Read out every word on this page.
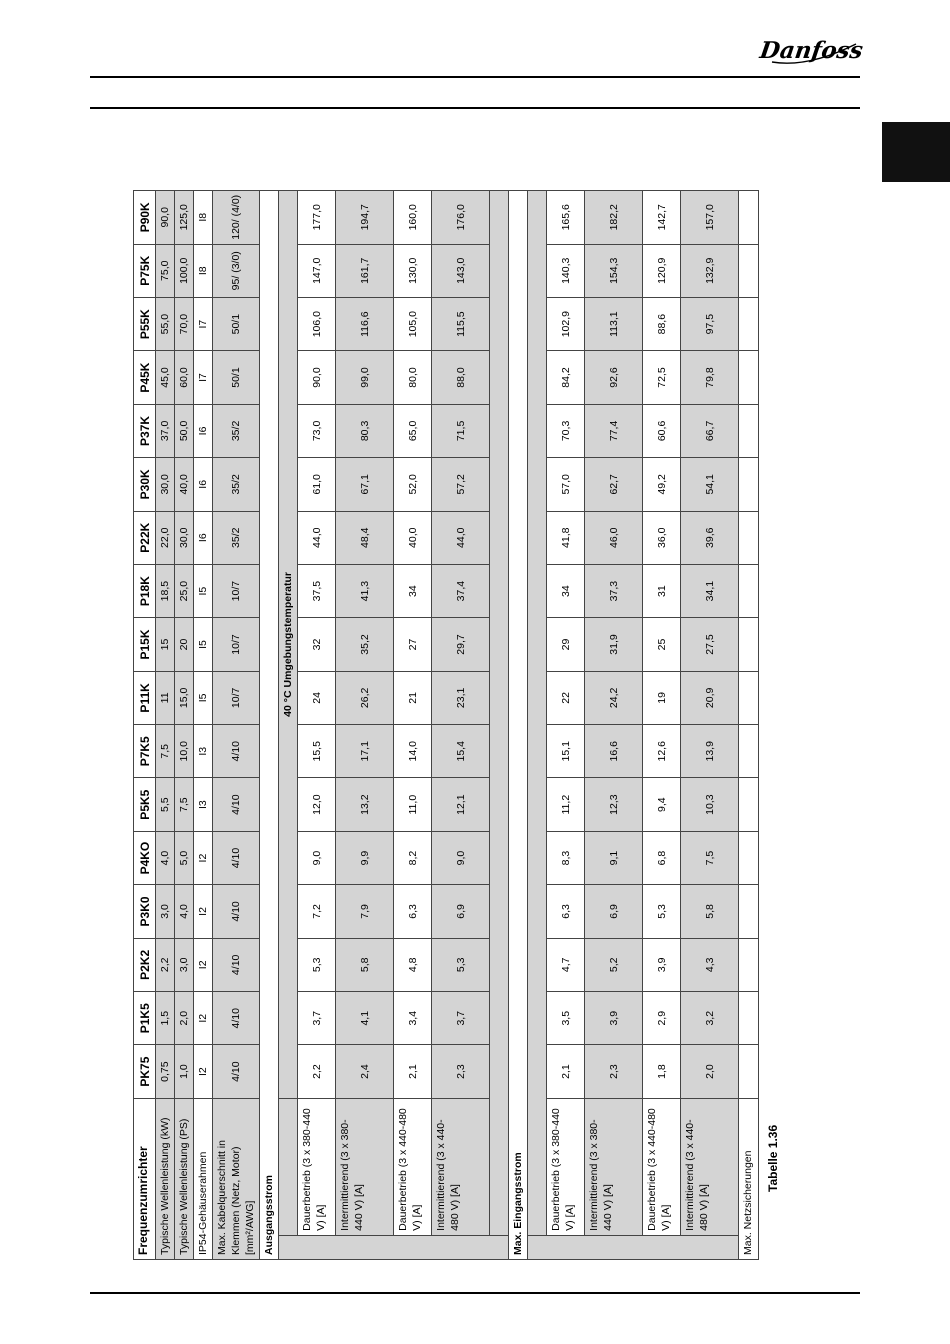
Danfoss
Frequenzumrichter		PK75	P1K5	P2K2	P3K0	P4KO	P5K5	P7K5	P11K	P15K	P18K	P22K	P30K	P37K	P45K	P55K	P75K	P90K
Typische Wellenleistung (kW)		0,75	1,5	2,2	3,0	4,0	5,5	7,5	11	15	18,5	22,0	30,0	37,0	45,0	55,0	75,0	90,0
Typische Wellenleistung (PS)		1,0	2,0	3,0	4,0	5,0	7,5	10,0	15,0	20	25,0	30,0	40,0	50,0	60,0	70,0	100,0	125,0
IP54-Gehäuserahmen		I2	I2	I2	I2	I2	I3	I3	I5	I5	I5	I6	I6	I6	I7	I7	I8	I8
Max. Kabelquerschnitt in Klemmen (Netz, Motor) [mm²/AWG]		4/10	4/10	4/10	4/10	4/10	4/10	4/10	10/7	10/7	10/7	35/2	35/2	35/2	50/1	50/1	95/ (3/0)	120/ (4/0)
Ausgangsstrom																		
		40 °C Umgebungstemperatur																
	Dauerbetrieb (3 x 380-440 V) [A]	2,2	3,7	5,3	7,2	9,0	12,0	15,5	24	32	37,5	44,0	61,0	73,0	90,0	106,0	147,0	177,0
	Intermittierend (3 x 380-440 V) [A]	2,4	4,1	5,8	7,9	9,9	13,2	17,1	26,2	35,2	41,3	48,4	67,1	80,3	99,0	116,6	161,7	194,7
	Dauerbetrieb (3 x 440-480 V) [A]	2,1	3,4	4,8	6,3	8,2	11,0	14,0	21	27	34	40,0	52,0	65,0	80,0	105,0	130,0	160,0
	Intermittierend (3 x 440-480 V) [A]	2,3	3,7	5,3	6,9	9,0	12,1	15,4	23,1	29,7	37,4	44,0	57,2	71,5	88,0	115,5	143,0	176,0

Max. Eingangsstrom																		

	Dauerbetrieb (3 x 380-440 V) [A]	2,1	3,5	4,7	6,3	8,3	11,2	15,1	22	29	34	41,8	57,0	70,3	84,2	102,9	140,3	165,6
	Intermittierend (3 x 380-440 V) [A]	2,3	3,9	5,2	6,9	9,1	12,3	16,6	24,2	31,9	37,3	46,0	62,7	77,4	92,6	113,1	154,3	182,2
	Dauerbetrieb (3 x 440-480 V) [A]	1,8	2,9	3,9	5,3	6,8	9,4	12,6	19	25	31	36,0	49,2	60,6	72,5	88,6	120,9	142,7
	Intermittierend (3 x 440-480 V) [A]	2,0	3,2	4,3	5,8	7,5	10,3	13,9	20,9	27,5	34,1	39,6	54,1	66,7	79,8	97,5	132,9	157,0
Max. Netzsicherungen																		Tabelle 1.36
